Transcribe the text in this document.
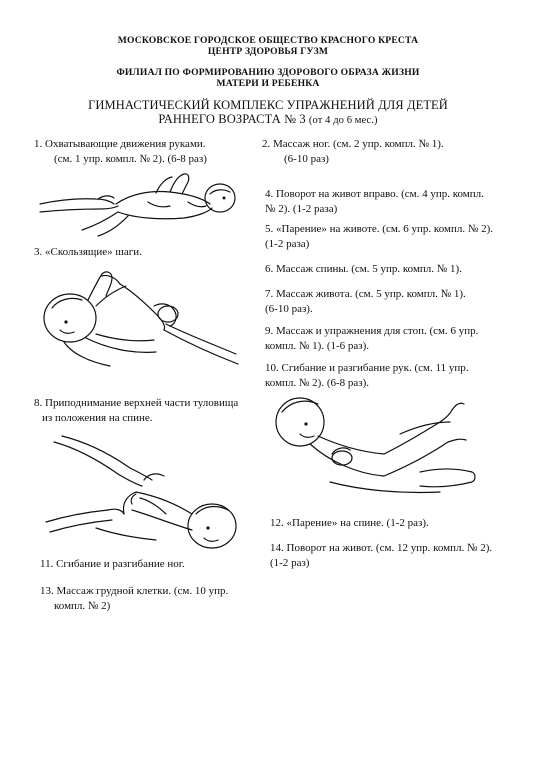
МОСКОВСКОЕ ГОРОДСКОЕ ОБЩЕСТВО КРАСНОГО КРЕСТА
ЦЕНТР ЗДОРОВЬЯ ГУЗМ
ФИЛИАЛ ПО ФОРМИРОВАНИЮ ЗДОРОВОГО ОБРАЗА ЖИЗНИ
МАТЕРИ И РЕБЕНКА
ГИМНАСТИЧЕСКИЙ КОМПЛЕКС УПРАЖНЕНИЙ ДЛЯ ДЕТЕЙ
РАННЕГО ВОЗРАСТА № 3 (от 4 до 6 мес.)
1. Охватывающие движения руками.
(см. 1 упр. компл. № 2). (6-8 раз)
3. «Скользящие» шаги.
8. Приподнимание верхней части туловища
из положения на спине.
11. Сгибание и разгибание ног.
13. Массаж грудной клетки. (см. 10 упр.
компл. № 2)
2. Массаж ног. (см. 2 упр. компл. № 1).
(6-10 раз)
4. Поворот на живот вправо. (см. 4 упр. компл.
№ 2). (1-2 раза)
5. «Парение» на животе. (см. 6 упр. компл. № 2).
(1-2 раза)
6. Массаж спины. (см. 5 упр. компл. № 1).
7. Массаж живота. (см. 5 упр. компл. № 1).
(6-10 раз).
9. Массаж и упражнения для стоп. (см. 6 упр.
компл. № 1). (1-6 раз).
10. Сгибание и разгибание рук. (см. 11 упр.
компл. № 2). (6-8 раз).
12. «Парение» на спине. (1-2 раз).
14. Поворот на живот. (см. 12 упр. компл. № 2).
(1-2 раз)
